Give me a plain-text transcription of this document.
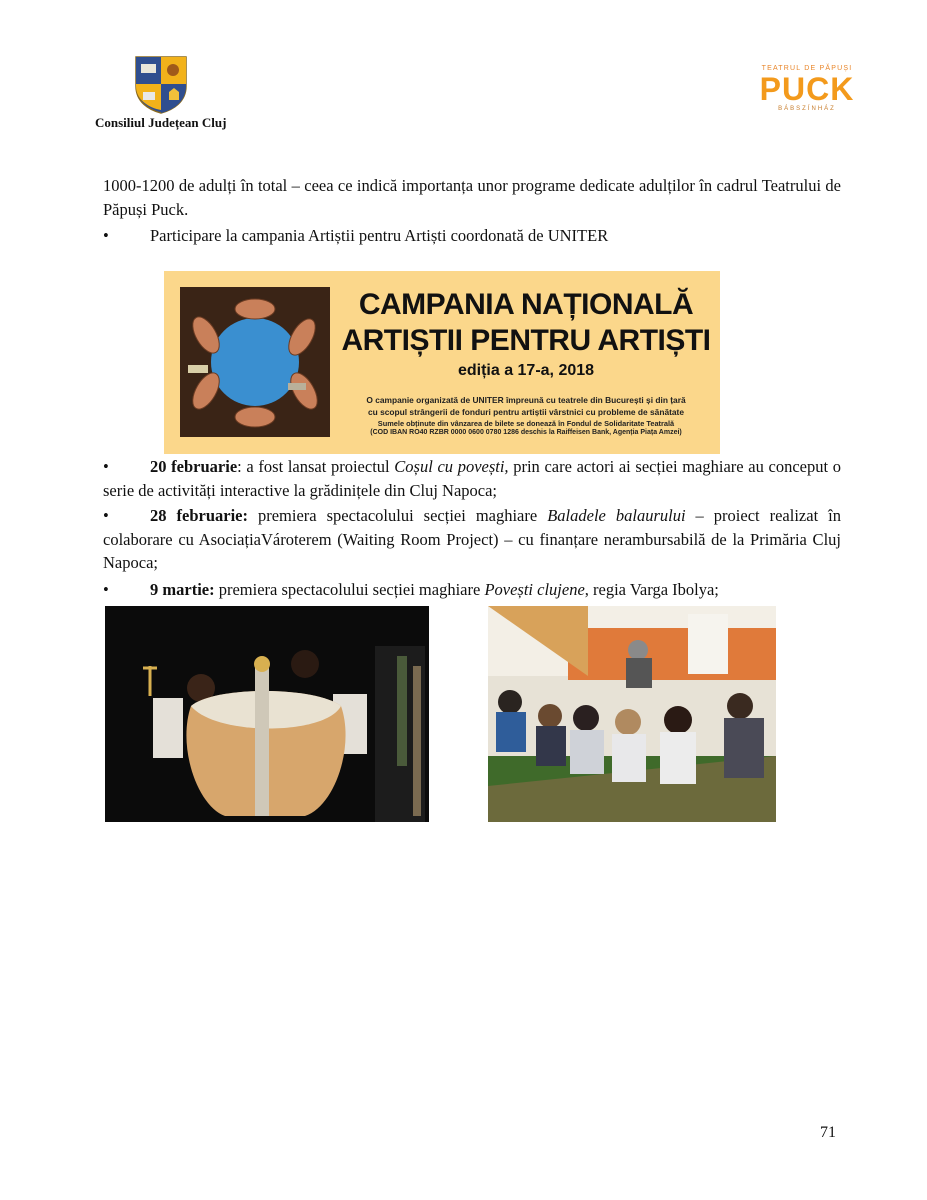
Consiliul Județean Cluj
TEATRUL DE PĂPUȘI
PUCK
BÁBSZÍNHÁZ
1000-1200 de adulți în total – ceea ce indică importanța unor programe dedicate adulților în cadrul Teatrului de Păpuși Puck.
• Participare la campania Artiștii pentru Artiști coordonată de UNITER
CAMPANIA NAȚIONALĂ
ARTIȘTII PENTRU ARTIȘTI
ediția a 17-a, 2018
O campanie organizată de UNITER împreună cu teatrele din București și din țară
cu scopul strângerii de fonduri pentru artiștii vârstnici cu probleme de sănătate
Sumele obținute din vânzarea de bilete se donează în Fondul de Solidaritate Teatrală
(COD IBAN RO40 RZBR 0000 0600 0780 1286 deschis la Raiffeisen Bank, Agenția Piața Amzei)
• 20 februarie: a fost lansat proiectul Coșul cu povești, prin care actori ai secției maghiare au conceput o serie de activități interactive la grădinițele din Cluj Napoca;
• 28 februarie: premiera spectacolului secției maghiare Baladele balaurului – proiect realizat în colaborare cu AsociațiaVároterem (Waiting Room Project) – cu finanțare nerambursabilă de la Primăria Cluj Napoca;
• 9 martie: premiera spectacolului secției maghiare Povești clujene, regia Varga Ibolya;
71
